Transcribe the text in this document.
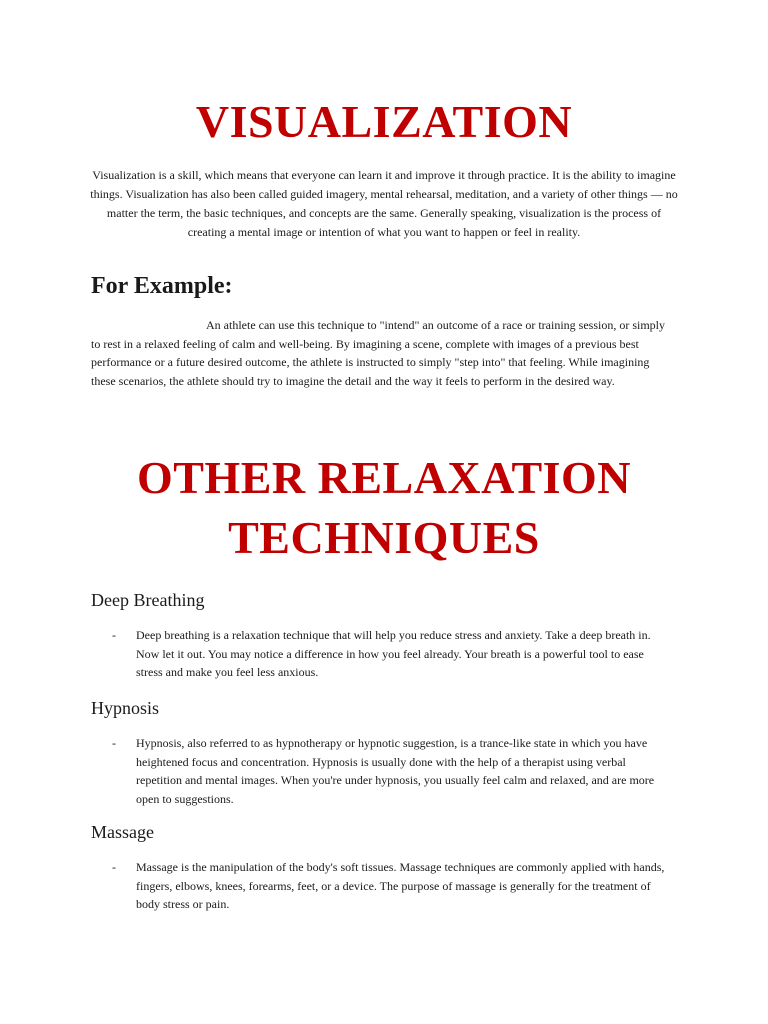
VISUALIZATION

Visualization is a skill, which means that everyone can learn it and improve it through practice. It is the ability to imagine things. Visualization has also been called guided imagery, mental rehearsal, meditation, and a variety of other things — no matter the term, the basic techniques, and concepts are the same. Generally speaking, visualization is the process of creating a mental image or intention of what you want to happen or feel in reality.

For Example:

An athlete can use this technique to "intend" an outcome of a race or training session, or simply to rest in a relaxed feeling of calm and well-being. By imagining a scene, complete with images of a previous best performance or a future desired outcome, the athlete is instructed to simply "step into" that feeling. While imagining these scenarios, the athlete should try to imagine the detail and the way it feels to perform in the desired way.

OTHER RELAXATION TECHNIQUES
Deep Breathing
- Deep breathing is a relaxation technique that will help you reduce stress and anxiety. Take a deep breath in. Now let it out. You may notice a difference in how you feel already. Your breath is a powerful tool to ease stress and make you feel less anxious.
Hypnosis
- Hypnosis, also referred to as hypnotherapy or hypnotic suggestion, is a trance-like state in which you have heightened focus and concentration. Hypnosis is usually done with the help of a therapist using verbal repetition and mental images. When you're under hypnosis, you usually feel calm and relaxed, and are more open to suggestions.
Massage
- Massage is the manipulation of the body's soft tissues. Massage techniques are commonly applied with hands, fingers, elbows, knees, forearms, feet, or a device. The purpose of massage is generally for the treatment of body stress or pain.
